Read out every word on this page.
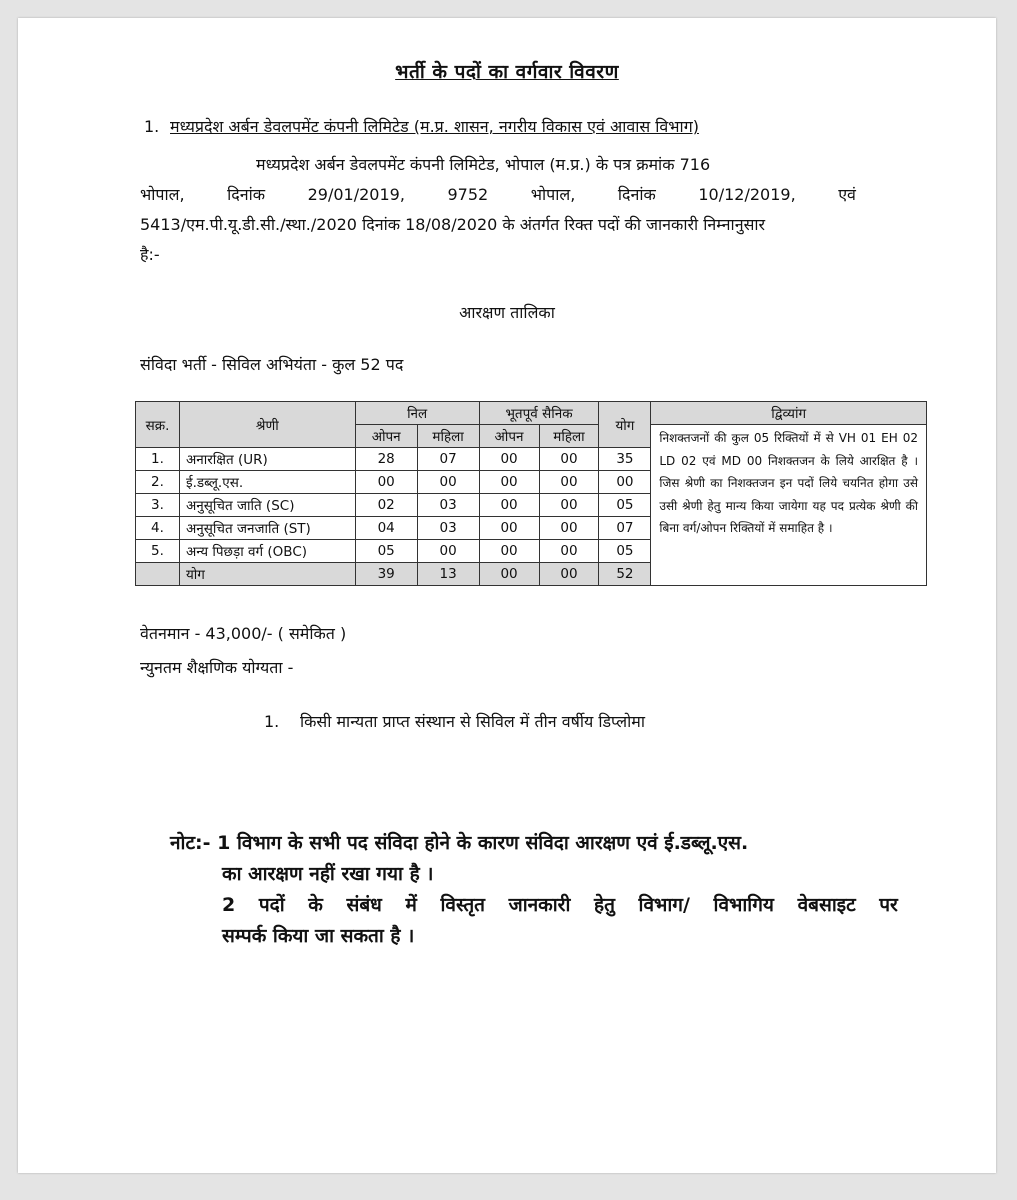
भर्ती के पदों का वर्गवार विवरण
1. मध्यप्रदेश अर्बन डेवलपमेंट कंपनी लिमिटेड (म.प्र. शासन, नगरीय विकास एवं आवास विभाग)

मध्यप्रदेश अर्बन डेवलपमेंट कंपनी लिमिटेड, भोपाल (म.प्र.) के पत्र क्रमांक 716

भोपाल,	दिनांक	29/01/2019,	9752	भोपाल,	दिनांक	10/12/2019,	एवं

5413/एम.पी.यू.डी.सी./स्था./2020 दिनांक 18/08/2020 के अंतर्गत रिक्त पदों की जानकारी निम्नानुसार

है:-

आरक्षण तालिका
संविदा भर्ती - सिविल अभियंता - कुल 52 पद
सक्र.	श्रेणी	निल		भूतपूर्व सैनिक		योग	द्विव्यांग
		ओपन	महिला	ओपन	महिला		निशक्तजनों की कुल 05 रिक्तियों में से VH 01 EH 02 LD 02 एवं MD 00 निशक्तजन के लिये आरक्षित है । जिस श्रेणी का निशक्तजन इन पदों लिये चयनित होगा उसे उसी श्रेणी हेतु मान्य किया जायेगा यह पद प्रत्येक श्रेणी की बिना वर्ग/ओपन रिक्तियों में समाहित है ।
1.	अनारक्षित (UR)	28	07	00	00	35	
2.	ई.डब्लू.एस.	00	00	00	00	00	
3.	अनुसूचित जाति (SC)	02	03	00	00	05	
4.	अनुसूचित जनजाति (ST)	04	03	00	00	07	
5.	अन्य पिछड़ा वर्ग (OBC)	05	00	00	00	05	
	योग	39	13	00	00	52	
वेतनमान - 43,000/- ( समेकित )
न्युनतम शैक्षणिक योग्यता -
1. किसी मान्यता प्राप्त संस्थान से सिविल में तीन वर्षीय डिप्लोमा

नोट:- 1 विभाग के सभी पद संविदा होने के कारण संविदा आरक्षण एवं ई.डब्लू.एस.

का आरक्षण नहीं रखा गया है ।

2 पदों के संबंध में विस्तृत जानकारी हेतु विभाग/ विभागिय वेबसाइट पर

सम्पर्क किया जा सकता है ।
